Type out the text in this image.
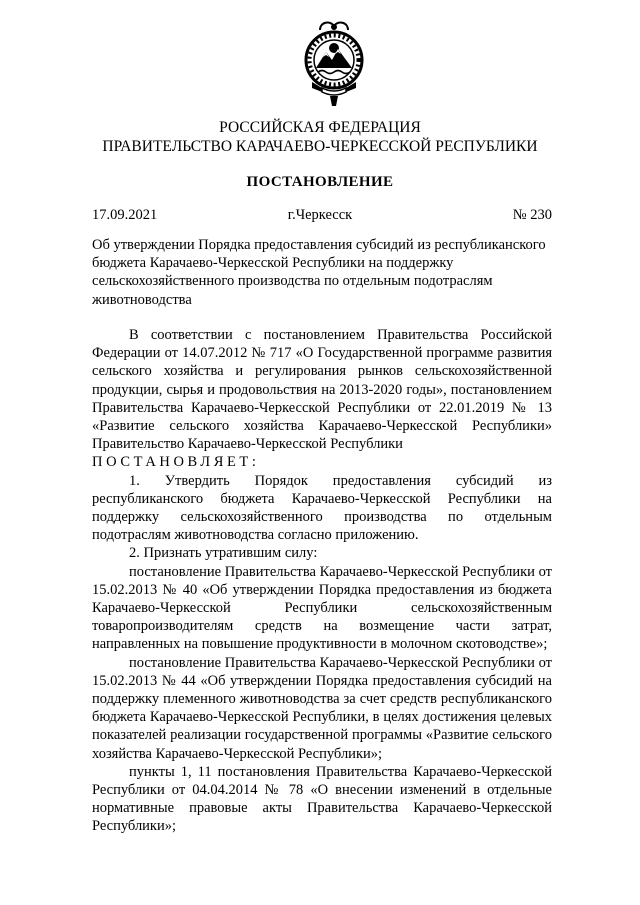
РОССИЙСКАЯ ФЕДЕРАЦИЯ
ПРАВИТЕЛЬСТВО КАРАЧАЕВО-ЧЕРКЕССКОЙ РЕСПУБЛИКИ
ПОСТАНОВЛЕНИЕ
17.09.2021	г.Черкесск	№ 230
Об утверждении Порядка предоставления субсидий из республиканского бюджета Карачаево-Черкесской Республики на поддержку сельскохозяйственного производства по отдельным подотраслям животноводства

В соответствии с постановлением Правительства Российской Федерации от 14.07.2012 № 717 «О Государственной программе развития сельского хозяйства и регулирования рынков сельскохозяйственной продукции, сырья и продовольствия на 2013-2020 годы», постановлением Правительства Карачаево-Черкесской Республики от 22.01.2019 № 13 «Развитие сельского хозяйства Карачаево-Черкесской Республики» Правительство Карачаево-Черкесской Республики

ПОСТАНОВЛЯЕТ:

1. Утвердить Порядок предоставления субсидий из республиканского бюджета Карачаево-Черкесской Республики на поддержку сельскохозяйственного производства по отдельным подотраслям животноводства согласно приложению.

2. Признать утратившим силу:

постановление Правительства Карачаево-Черкесской Республики от 15.02.2013 № 40 «Об утверждении Порядка предоставления из бюджета Карачаево-Черкесской Республики сельскохозяйственным товаропроизводителям средств на возмещение части затрат, направленных на повышение продуктивности в молочном скотоводстве»;

постановление Правительства Карачаево-Черкесской Республики от 15.02.2013 № 44 «Об утверждении Порядка предоставления субсидий на поддержку племенного животноводства за счет средств республиканского бюджета Карачаево-Черкесской Республики, в целях достижения целевых показателей реализации государственной программы «Развитие сельского хозяйства Карачаево-Черкесской Республики»;

пункты 1, 11 постановления Правительства Карачаево-Черкесской Республики от 04.04.2014 № 78 «О внесении изменений в отдельные нормативные правовые акты Правительства Карачаево-Черкесской Республики»;
